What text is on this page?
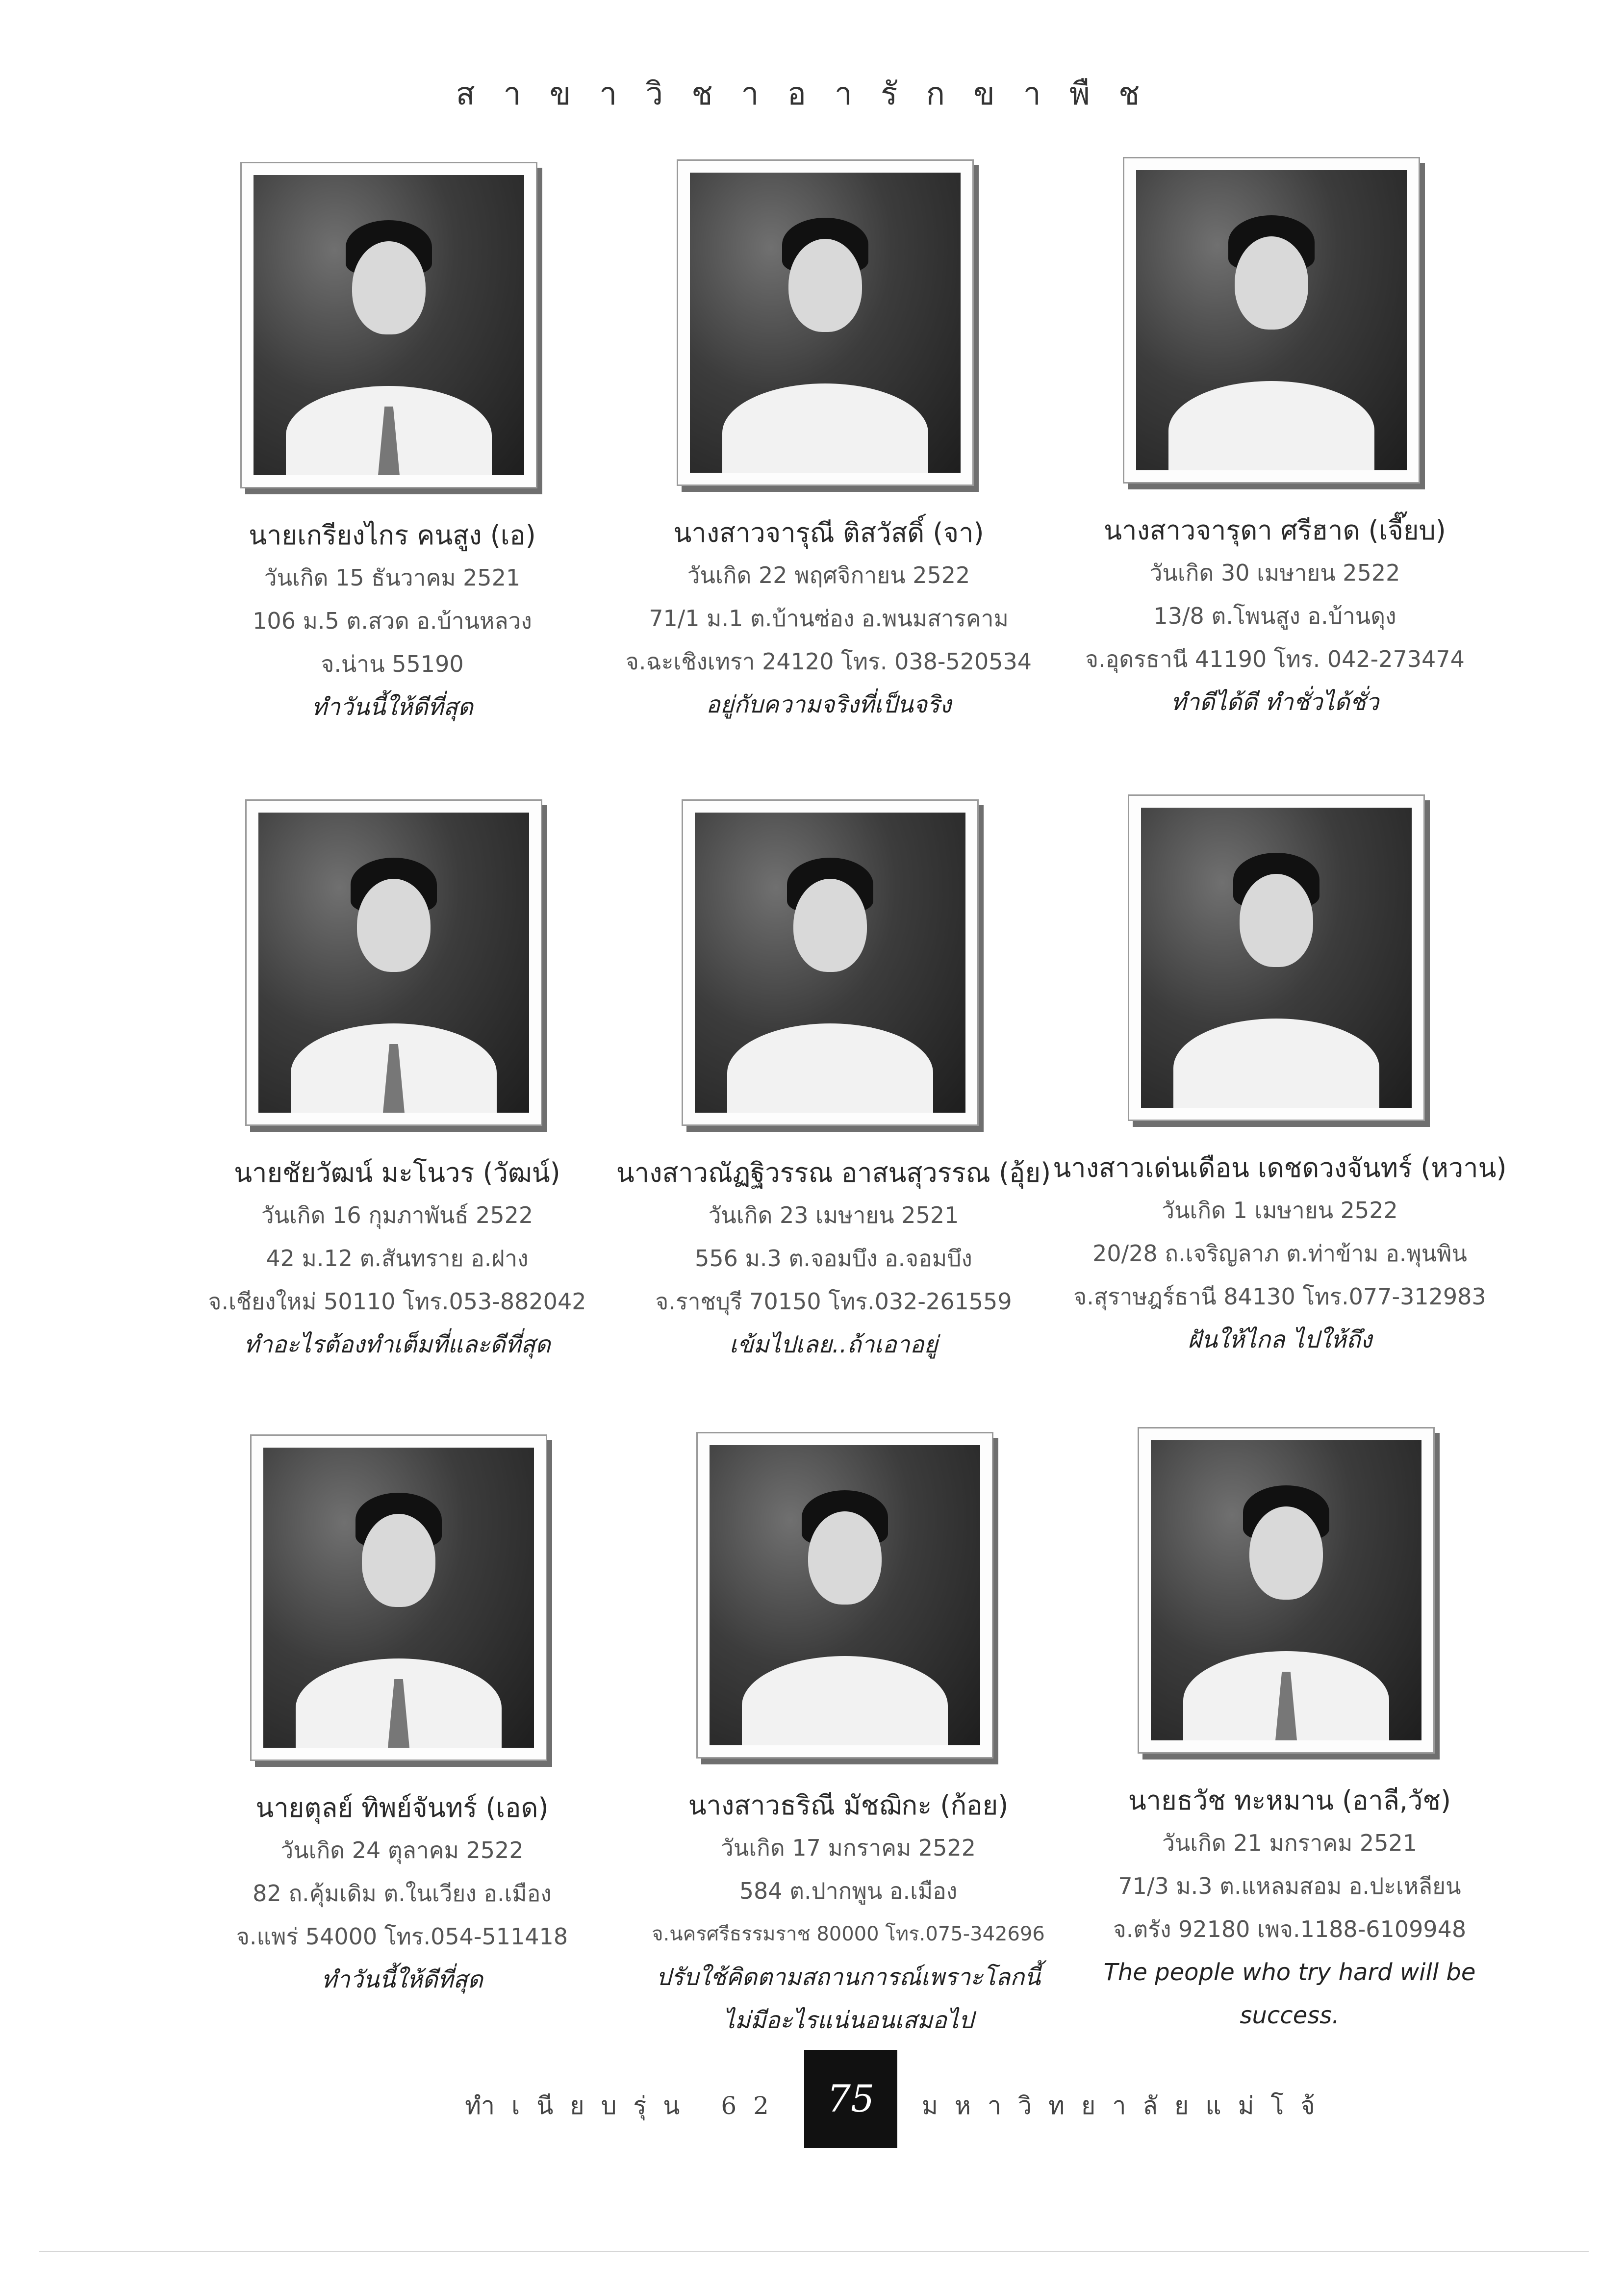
สาขาวิชาอารักขาพืช
นายเกรียงไกร คนสูง (เอ)
วันเกิด 15 ธันวาคม 2521
106 ม.5 ต.สวด อ.บ้านหลวง
จ.น่าน 55190
ทำวันนี้ให้ดีที่สุด
นางสาวจารุณี ติสวัสดิ์ (จา)
วันเกิด 22 พฤศจิกายน 2522
71/1 ม.1 ต.บ้านซ่อง อ.พนมสารคาม
จ.ฉะเชิงเทรา 24120 โทร. 038-520534
อยู่กับความจริงที่เป็นจริง
นางสาวจารุดา ศรีฮาด (เจี๊ยบ)
วันเกิด 30 เมษายน 2522
13/8 ต.โพนสูง อ.บ้านดุง
จ.อุดรธานี 41190 โทร. 042-273474
ทำดีได้ดี ทำชั่วได้ชั่ว
นายชัยวัฒน์ มะโนวร (วัฒน์)
วันเกิด 16 กุมภาพันธ์ 2522
42 ม.12 ต.สันทราย อ.ฝาง
จ.เชียงใหม่ 50110 โทร.053-882042
ทำอะไรต้องทำเต็มที่และดีที่สุด
นางสาวณัฏฐิวรรณ อาสนสุวรรณ (อุ้ย)
วันเกิด 23 เมษายน 2521
556 ม.3 ต.จอมบึง อ.จอมบึง
จ.ราชบุรี 70150 โทร.032-261559
เข้มไปเลย..ถ้าเอาอยู่
นางสาวเด่นเดือน เดชดวงจันทร์ (หวาน)
วันเกิด 1 เมษายน 2522
20/28 ถ.เจริญลาภ ต.ท่าข้าม อ.พุนพิน
จ.สุราษฎร์ธานี 84130 โทร.077-312983
ฝันให้ไกล ไปให้ถึง
นายตุลย์ ทิพย์จันทร์ (เอด)
วันเกิด 24 ตุลาคม 2522
82 ถ.คุ้มเดิม ต.ในเวียง อ.เมือง
จ.แพร่ 54000 โทร.054-511418
ทำวันนี้ให้ดีที่สุด
นางสาวธริณี มัชฌิกะ (ก้อย)
วันเกิด 17 มกราคม 2522
584 ต.ปากพูน อ.เมือง
จ.นครศรีธรรมราช 80000 โทร.075-342696
ปรับใช้คิดตามสถานการณ์เพราะโลกนี้
ไม่มีอะไรแน่นอนเสมอไป
นายธวัช ทะหมาน (อาลี,วัช)
วันเกิด 21 มกราคม 2521
71/3 ม.3 ต.แหลมสอม อ.ปะเหลียน
จ.ตรัง 92180 เพจ.1188-6109948
The people who try hard will be
success.
ทำเนียบรุ่น 62	75	มหาวิทยาลัยแม่โจ้
